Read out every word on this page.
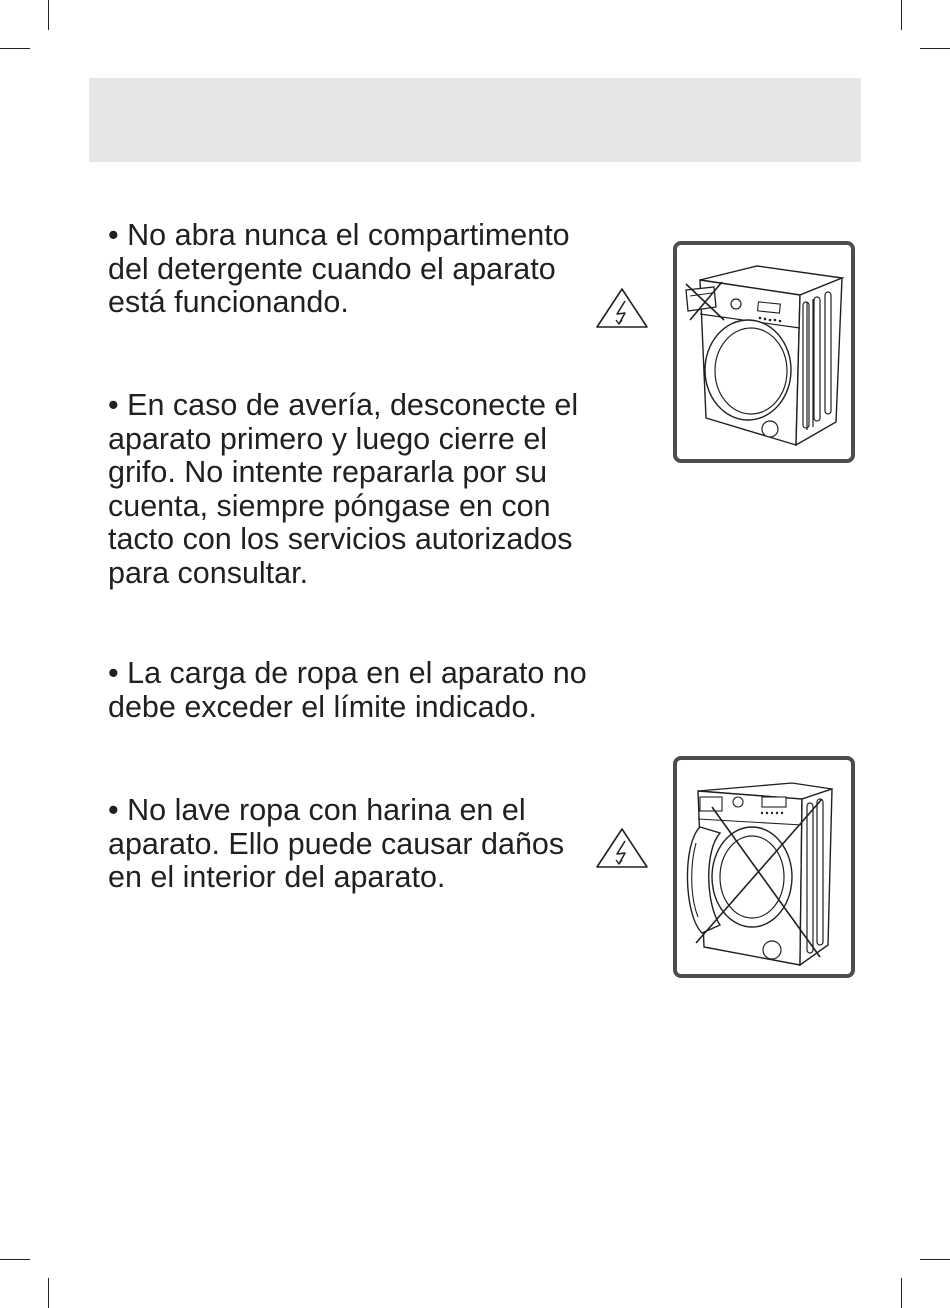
• No abra nunca el compartimento
del detergente cuando el aparato
está funcionando.

• En caso de avería, desconecte el
aparato primero y luego cierre el
grifo. No intente repararla por su
cuenta, siempre póngase en con
tacto con los servicios autorizados
para consultar.

• La carga de ropa en el aparato no
debe exceder el límite indicado.

• No lave ropa con harina en el
aparato. Ello puede causar daños
en el interior del aparato.
